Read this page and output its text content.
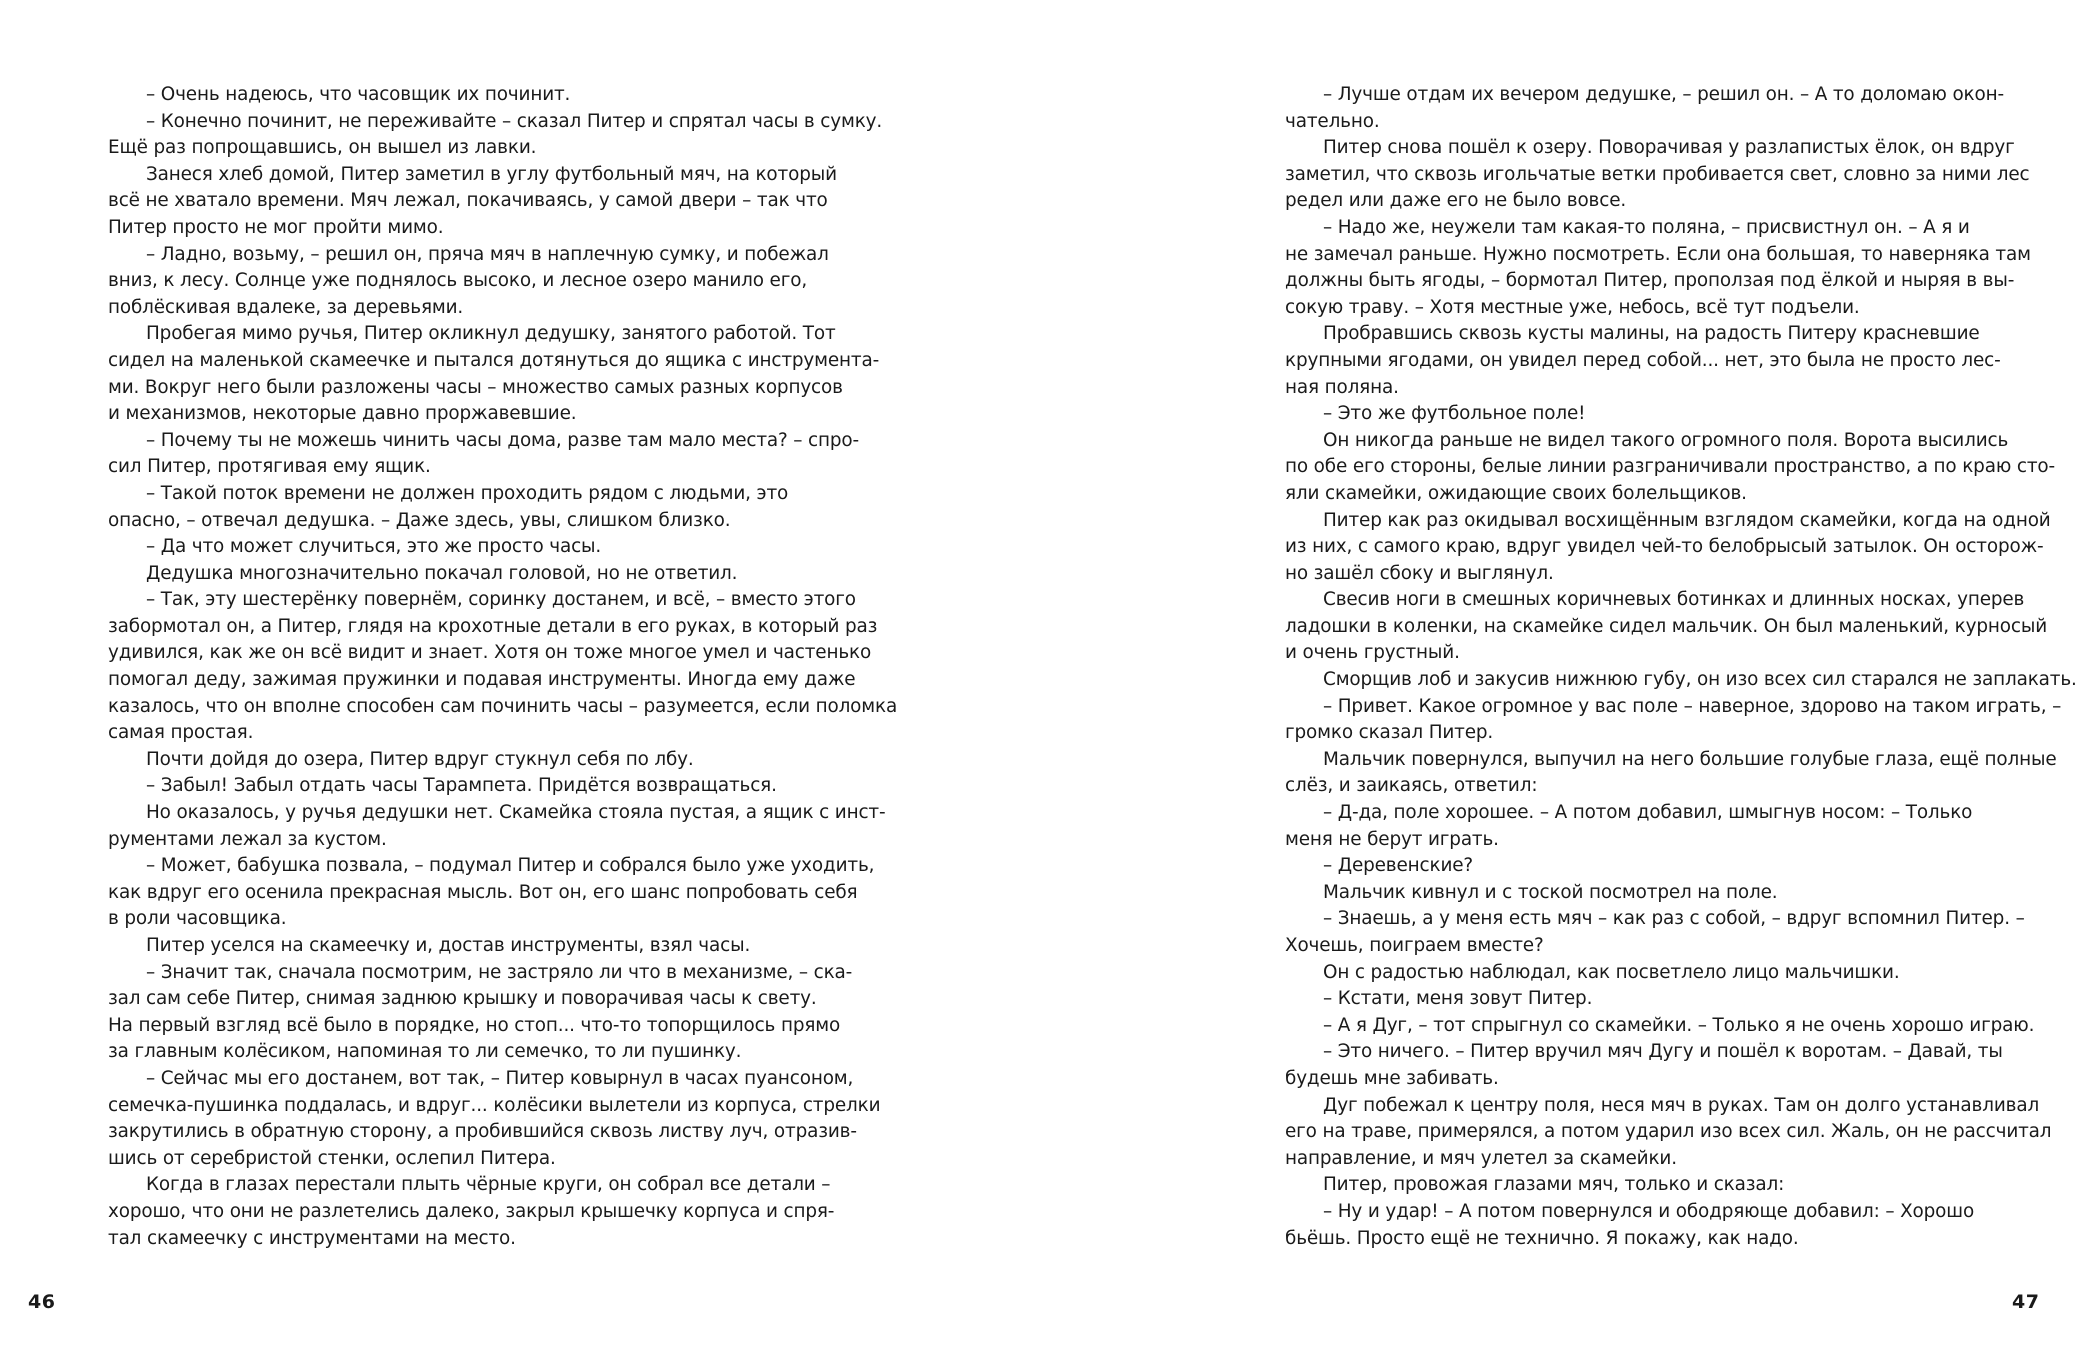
– Очень надеюсь, что часовщик их починит.

– Конечно починит, не переживайте – сказал Питер и спрятал часы в сумку.

Ещё раз попрощавшись, он вышел из лавки.

Занеся хлеб домой, Питер заметил в углу футбольный мяч, на который

всё не хватало времени. Мяч лежал, покачиваясь, у самой двери – так что

Питер просто не мог пройти мимо.

– Ладно, возьму, – решил он, пряча мяч в наплечную сумку, и побежал

вниз, к лесу. Солнце уже поднялось высоко, и лесное озеро манило его,

поблёскивая вдалеке, за деревьями.

Пробегая мимо ручья, Питер окликнул дедушку, занятого работой. Тот

сидел на маленькой скамеечке и пытался дотянуться до ящика с инструмента-

ми. Вокруг него были разложены часы – множество самых разных корпусов

и механизмов, некоторые давно проржавевшие.

– Почему ты не можешь чинить часы дома, разве там мало места? – спро-

сил Питер, протягивая ему ящик.

– Такой поток времени не должен проходить рядом с людьми, это

опасно, – отвечал дедушка. – Даже здесь, увы, слишком близко.

– Да что может случиться, это же просто часы.

Дедушка многозначительно покачал головой, но не ответил.

– Так, эту шестерёнку повернём, соринку достанем, и всё, – вместо этого

забормотал он, а Питер, глядя на крохотные детали в его руках, в который раз

удивился, как же он всё видит и знает. Хотя он тоже многое умел и частенько

помогал деду, зажимая пружинки и подавая инструменты. Иногда ему даже

казалось, что он вполне способен сам починить часы – разумеется, если поломка

самая простая.

Почти дойдя до озера, Питер вдруг стукнул себя по лбу.

– Забыл! Забыл отдать часы Тарампета. Придётся возвращаться.

Но оказалось, у ручья дедушки нет. Скамейка стояла пустая, а ящик с инст-

рументами лежал за кустом.

– Может, бабушка позвала, – подумал Питер и собрался было уже уходить,

как вдруг его осенила прекрасная мысль. Вот он, его шанс попробовать себя

в роли часовщика.

Питер уселся на скамеечку и, достав инструменты, взял часы.

– Значит так, сначала посмотрим, не застряло ли что в механизме, – ска-

зал сам себе Питер, снимая заднюю крышку и поворачивая часы к свету.

На первый взгляд всё было в порядке, но стоп... что-то топорщилось прямо

за главным колёсиком, напоминая то ли семечко, то ли пушинку.

– Сейчас мы его достанем, вот так, – Питер ковырнул в часах пуансоном,

семечка-пушинка поддалась, и вдруг... колёсики вылетели из корпуса, стрелки

закрутились в обратную сторону, а пробившийся сквозь листву луч, отразив-

шись от серебристой стенки, ослепил Питера.

Когда в глазах перестали плыть чёрные круги, он собрал все детали –

хорошо, что они не разлетелись далеко, закрыл крышечку корпуса и спря-

тал скамеечку с инструментами на место.

– Лучше отдам их вечером дедушке, – решил он. – А то доломаю окон-

чательно.

Питер снова пошёл к озеру. Поворачивая у разлапистых ёлок, он вдруг

заметил, что сквозь игольчатые ветки пробивается свет, словно за ними лес

редел или даже его не было вовсе.

– Надо же, неужели там какая-то поляна, – присвистнул он. – А я и

не замечал раньше. Нужно посмотреть. Если она большая, то наверняка там

должны быть ягоды, – бормотал Питер, проползая под ёлкой и ныряя в вы-

сокую траву. – Хотя местные уже, небось, всё тут подъели.

Пробравшись сквозь кусты малины, на радость Питеру красневшие

крупными ягодами, он увидел перед собой... нет, это была не просто лес-

ная поляна.

– Это же футбольное поле!

Он никогда раньше не видел такого огромного поля. Ворота высились

по обе его стороны, белые линии разграничивали пространство, а по краю сто-

яли скамейки, ожидающие своих болельщиков.

Питер как раз окидывал восхищённым взглядом скамейки, когда на одной

из них, с самого краю, вдруг увидел чей-то белобрысый затылок. Он осторож-

но зашёл сбоку и выглянул.

Свесив ноги в смешных коричневых ботинках и длинных носках, уперев

ладошки в коленки, на скамейке сидел мальчик. Он был маленький, курносый

и очень грустный.

Сморщив лоб и закусив нижнюю губу, он изо всех сил старался не заплакать.

– Привет. Какое огромное у вас поле – наверное, здорово на таком играть, –

громко сказал Питер.

Мальчик повернулся, выпучил на него большие голубые глаза, ещё полные

слёз, и заикаясь, ответил:

– Д-да, поле хорошее. – А потом добавил, шмыгнув носом: – Только

меня не берут играть.

– Деревенские?

Мальчик кивнул и с тоской посмотрел на поле.

– Знаешь, а у меня есть мяч – как раз с собой, – вдруг вспомнил Питер. –

Хочешь, поиграем вместе?

Он с радостью наблюдал, как посветлело лицо мальчишки.

– Кстати, меня зовут Питер.

– А я Дуг, – тот спрыгнул со скамейки. – Только я не очень хорошо играю.

– Это ничего. – Питер вручил мяч Дугу и пошёл к воротам. – Давай, ты

будешь мне забивать.

Дуг побежал к центру поля, неся мяч в руках. Там он долго устанавливал

его на траве, примерялся, а потом ударил изо всех сил. Жаль, он не рассчитал

направление, и мяч улетел за скамейки.

Питер, провожая глазами мяч, только и сказал:

– Ну и удар! – А потом повернулся и ободряюще добавил: – Хорошо

бьёшь. Просто ещё не технично. Я покажу, как надо.

46	47
